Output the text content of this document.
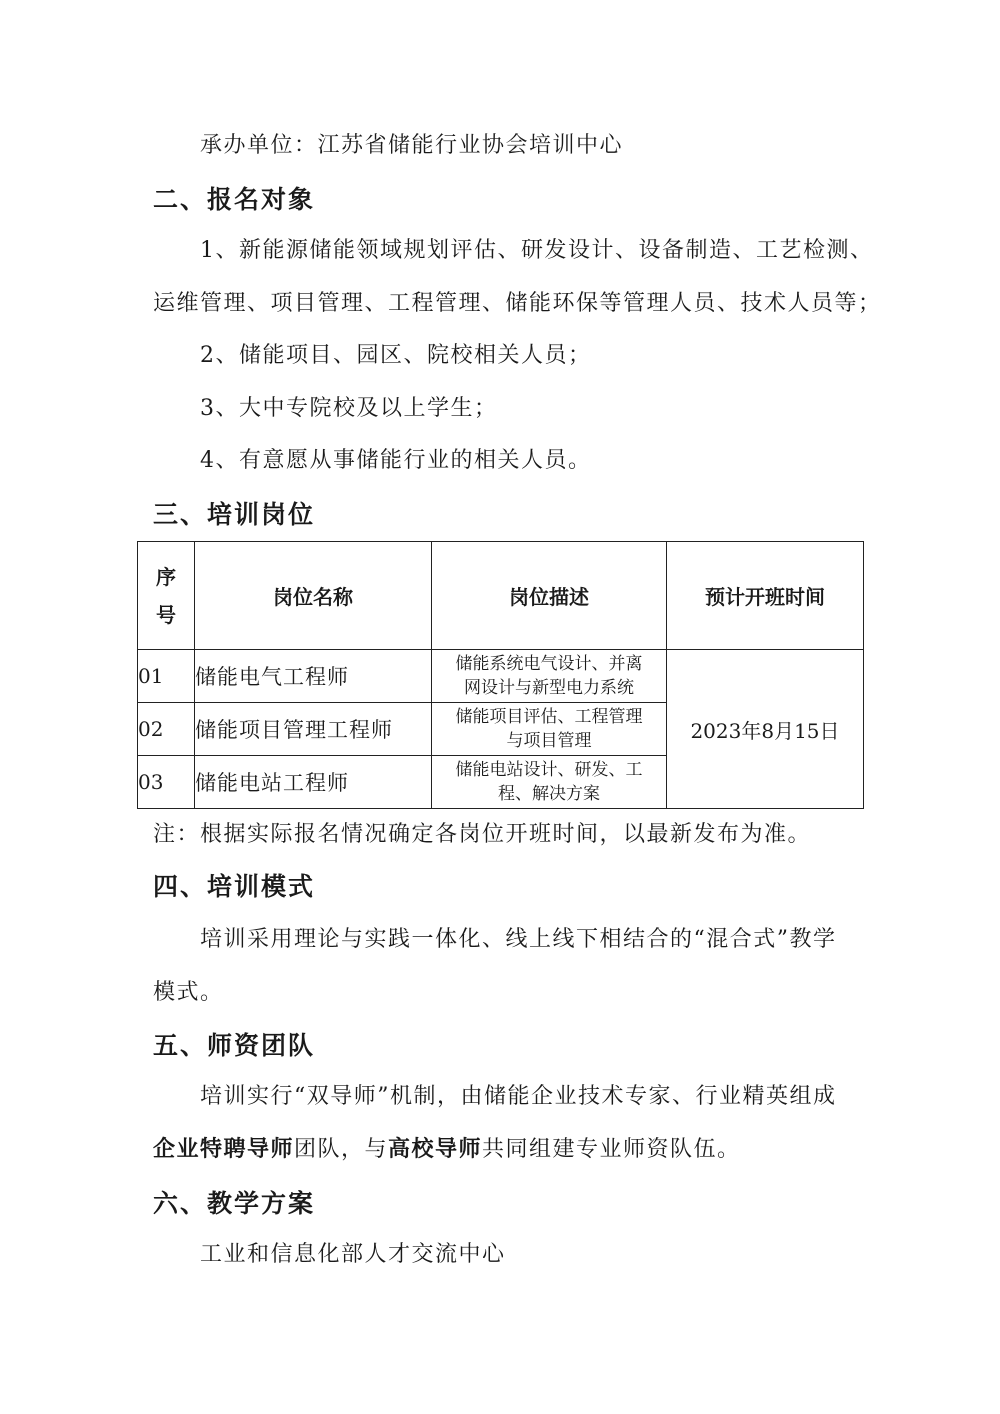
承办单位：江苏省储能行业协会培训中心
二、报名对象
1、新能源储能领域规划评估、研发设计、设备制造、工艺检测、
运维管理、项目管理、工程管理、储能环保等管理人员、技术人员等；
2、储能项目、园区、院校相关人员；
3、大中专院校及以上学生；
4、有意愿从事储能行业的相关人员。
三、培训岗位
序
号	岗位名称	岗位描述	预计开班时间
01	储能电气工程师	储能系统电气设计、并离
网设计与新型电力系统	2023年8月15日
02	储能项目管理工程师	储能项目评估、工程管理
与项目管理	

03	储能电站工程师	储能电站设计、研发、工
程、解决方案	
注：根据实际报名情况确定各岗位开班时间，以最新发布为准。
四、培训模式
培训采用理论与实践一体化、线上线下相结合的“混合式”教学
模式。
五、师资团队
培训实行“双导师”机制，由储能企业技术专家、行业精英组成
企业特聘导师团队，与高校导师共同组建专业师资队伍。
六、教学方案
工业和信息化部人才交流中心
